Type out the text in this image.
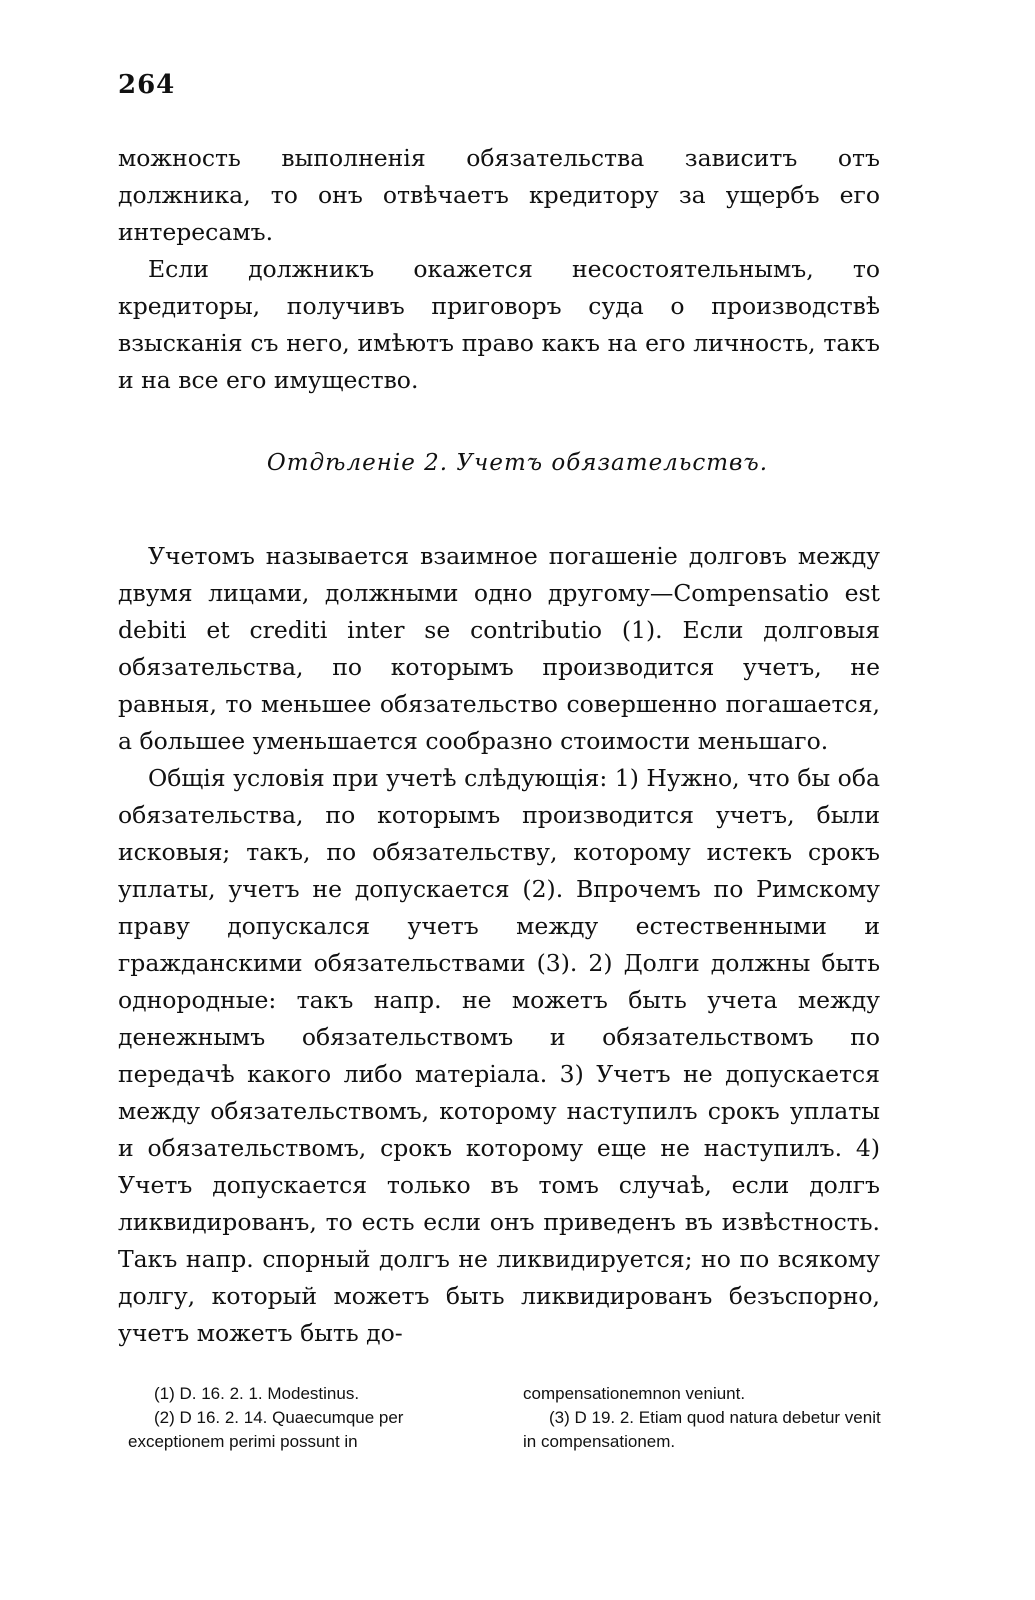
264

можность выполненія обязательства зависитъ отъ должника, то онъ отвѣчаетъ кредитору за ущербъ его интересамъ.

Если должникъ окажется несостоятельнымъ, то кредиторы, получивъ приговоръ суда о производствѣ взысканія съ него, имѣютъ право какъ на его личность, такъ и на все его имущество.

Отдѣленіе 2. Учетъ обязательствъ.

Учетомъ называется взаимное погашеніе долговъ между двумя лицами, должными одно другому—Compensatio est debiti et crediti inter se contributio (1). Если долговыя обязательства, по которымъ производится учетъ, не равныя, то меньшее обязательство совершенно погашается, а большее уменьшается сообразно стоимости меньшаго.

Общія условія при учетѣ слѣдующія: 1) Нужно, что бы оба обязательства, по которымъ производится учетъ, были исковыя; такъ, по обязательству, которому истекъ срокъ уплаты, учетъ не допускается (2). Впрочемъ по Римскому праву допускался учетъ между естественными и гражданскими обязательствами (3). 2) Долги должны быть однородные: такъ напр. не можетъ быть учета между денежнымъ обязательствомъ и обязательствомъ по передачѣ какого либо матеріала. 3) Учетъ не допускается между обязательствомъ, которому наступилъ срокъ уплаты и обязательствомъ, срокъ которому еще не наступилъ. 4) Учетъ допускается только въ томъ случаѣ, если долгъ ликвидированъ, то есть если онъ приведенъ въ извѣстность. Такъ напр. спорный долгъ не ликвидируется; но по всякому долгу, который можетъ быть ликвидированъ безъспорно, учетъ можетъ быть до-

(1) D. 16. 2. 1. Modestinus.

(2) D 16. 2. 14. Quaecumque per exceptionem perimi possunt in

compensationemnon veniunt.

(3) D 19. 2. Etiam quod natura debetur venit in compensationem.
